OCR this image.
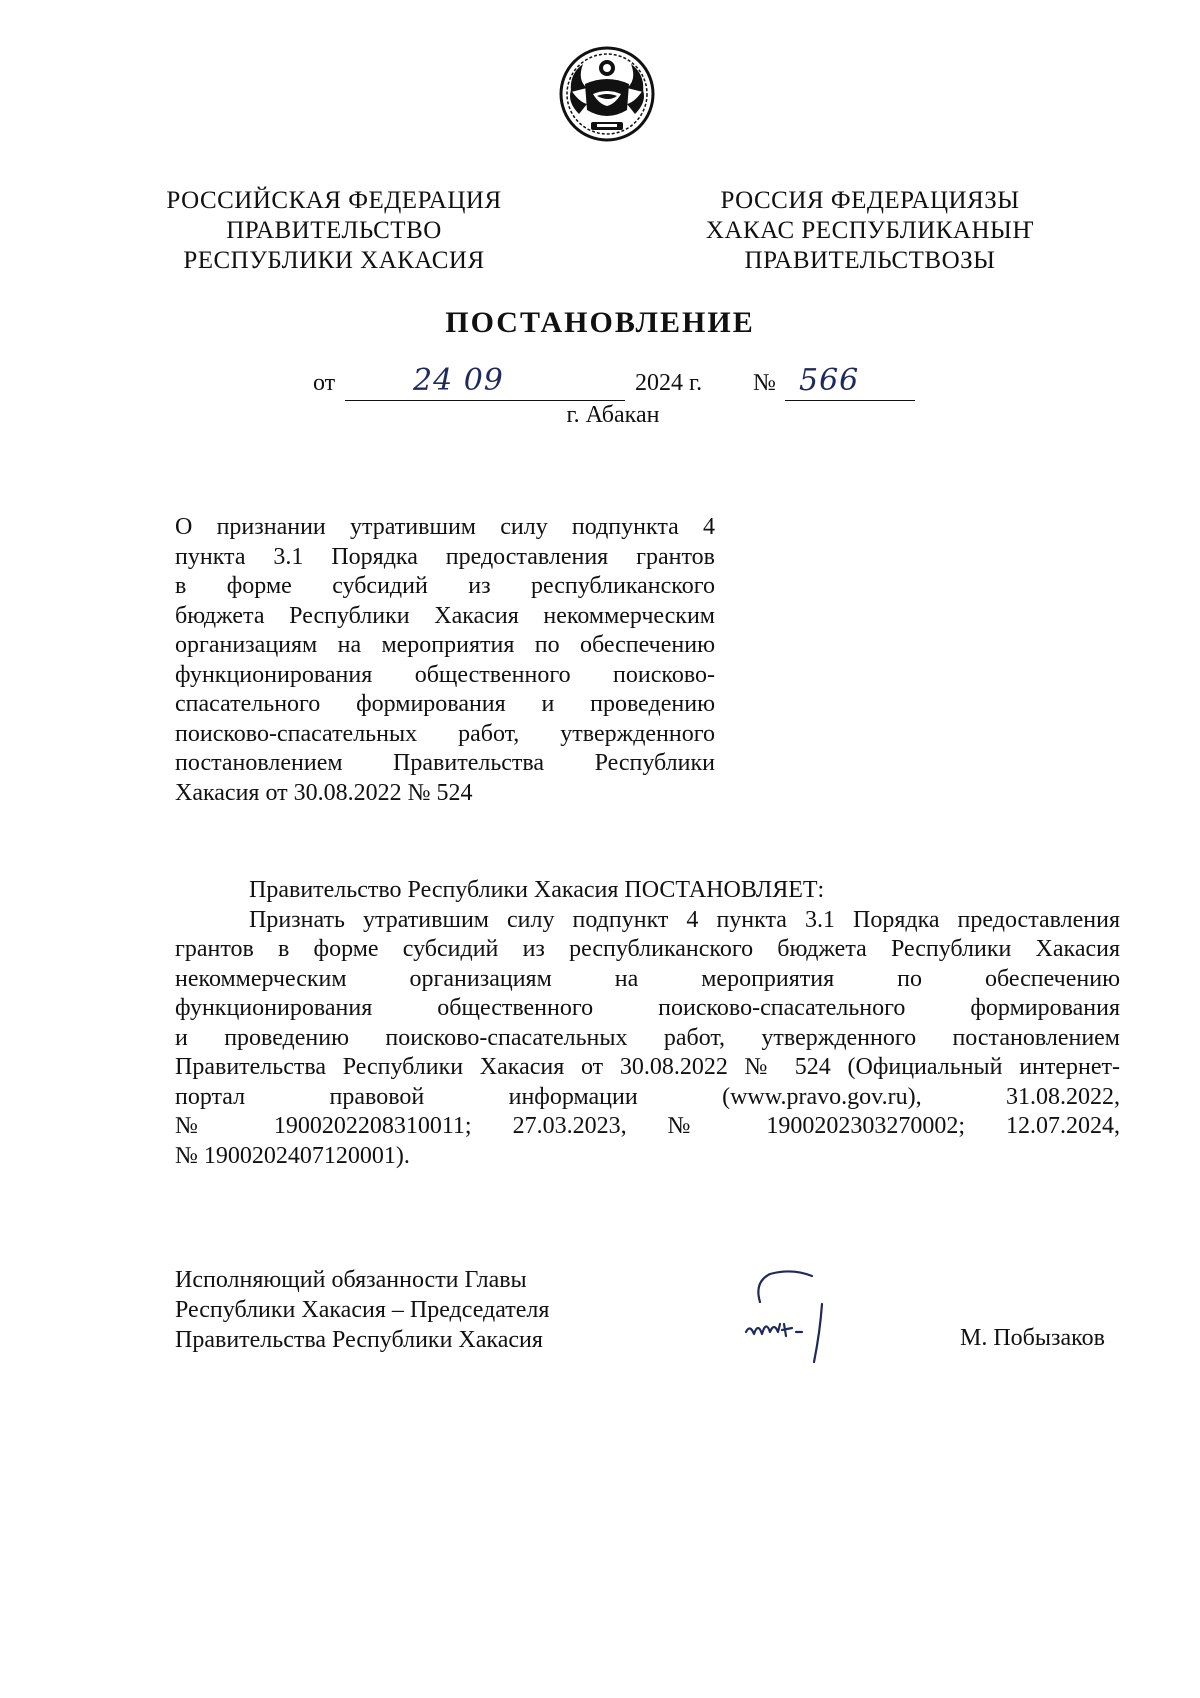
РОССИЙСКАЯ ФЕДЕРАЦИЯ
ПРАВИТЕЛЬСТВО
РЕСПУБЛИКИ ХАКАСИЯ
РОССИЯ ФЕДЕРАЦИЯЗЫ
ХАКАС РЕСПУБЛИКАНЫҤ
ПРАВИТЕЛЬСТВОЗЫ
ПОСТАНОВЛЕНИЕ
от	24 09	2024 г. № 566
г. Абакан
О признании утратившим силу подпункта 4
пункта 3.1 Порядка предоставления грантов
в форме субсидий из республиканского
бюджета Республики Хакасия некоммерческим
организациям на мероприятия по обеспечению
функционирования общественного поисково-
спасательного формирования и проведению
поисково-спасательных работ, утвержденного
постановлением Правительства Республики
Хакасия от 30.08.2022 № 524
Правительство Республики Хакасия ПОСТАНОВЛЯЕТ:
Признать утратившим силу подпункт 4 пункта 3.1 Порядка предоставления
грантов в форме субсидий из республиканского бюджета Республики Хакасия
некоммерческим организациям на мероприятия по обеспечению
функционирования общественного поисково-спасательного формирования
и проведению поисково-спасательных работ, утвержденного постановлением
Правительства Республики Хакасия от 30.08.2022 № 524 (Официальный интернет-
портал правовой информации (www.pravo.gov.ru), 31.08.2022,
№ 1900202208310011; 27.03.2023, № 1900202303270002; 12.07.2024,
№ 1900202407120001).
Исполняющий обязанности Главы
Республики Хакасия – Председателя
Правительства Республики Хакасия	М. Побызаков
